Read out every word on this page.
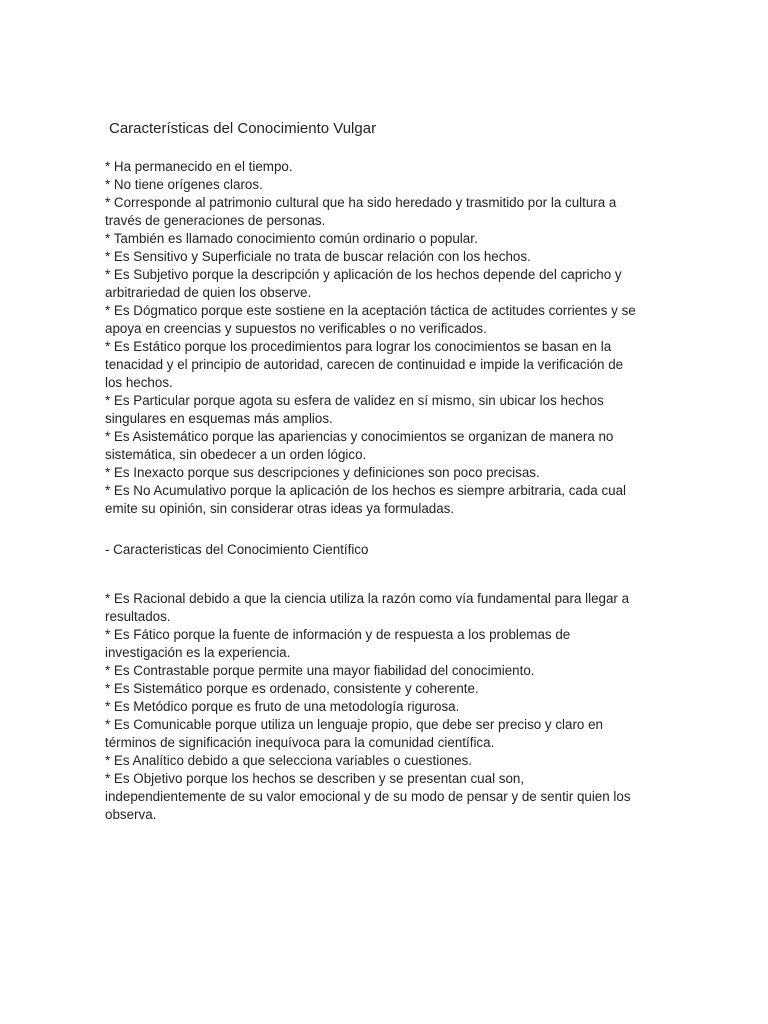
Características del Conocimiento Vulgar
* Ha permanecido en el tiempo.
* No tiene orígenes claros.
* Corresponde al patrimonio cultural que ha sido heredado y trasmitido por la cultura a
través de generaciones de personas.
* También es llamado conocimiento común ordinario o popular.
* Es Sensitivo y Superficiale no trata de buscar relación con los hechos.
* Es Subjetivo porque la descripción y aplicación de los hechos depende del capricho y
arbitrariedad de quien los observe.
* Es Dógmatico porque este sostiene en la aceptación táctica de actitudes corrientes y se
apoya en creencias y supuestos no verificables o no verificados.
* Es Estático porque los procedimientos para lograr los conocimientos se basan en la
tenacidad y el principio de autoridad, carecen de continuidad e impide la verificación de
los hechos.
* Es Particular porque agota su esfera de validez en sí mismo, sin ubicar los hechos
singulares en esquemas más amplios.
* Es Asistemático porque las apariencias y conocimientos se organizan de manera no
sistemática, sin obedecer a un orden lógico.
* Es Inexacto porque sus descripciones y definiciones son poco precisas.
* Es No Acumulativo porque la aplicación de los hechos es siempre arbitraria, cada cual
emite su opinión, sin considerar otras ideas ya formuladas.
- Caracteristicas del Conocimiento Científico
* Es Racional debido a que la ciencia utiliza la razón como vía fundamental para llegar a
resultados.
* Es Fático porque la fuente de información y de respuesta a los problemas de
investigación es la experiencia.
* Es Contrastable porque permite una mayor fiabilidad del conocimiento.
* Es Sistemático porque es ordenado, consistente y coherente.
* Es Metódico porque es fruto de una metodología rigurosa.
* Es Comunicable porque utiliza un lenguaje propio, que debe ser preciso y claro en
términos de significación inequívoca para la comunidad científica.
* Es Analítico debido a que selecciona variables o cuestiones.
* Es Objetivo porque los hechos se describen y se presentan cual son,
independientemente de su valor emocional y de su modo de pensar y de sentir quien los
observa.
